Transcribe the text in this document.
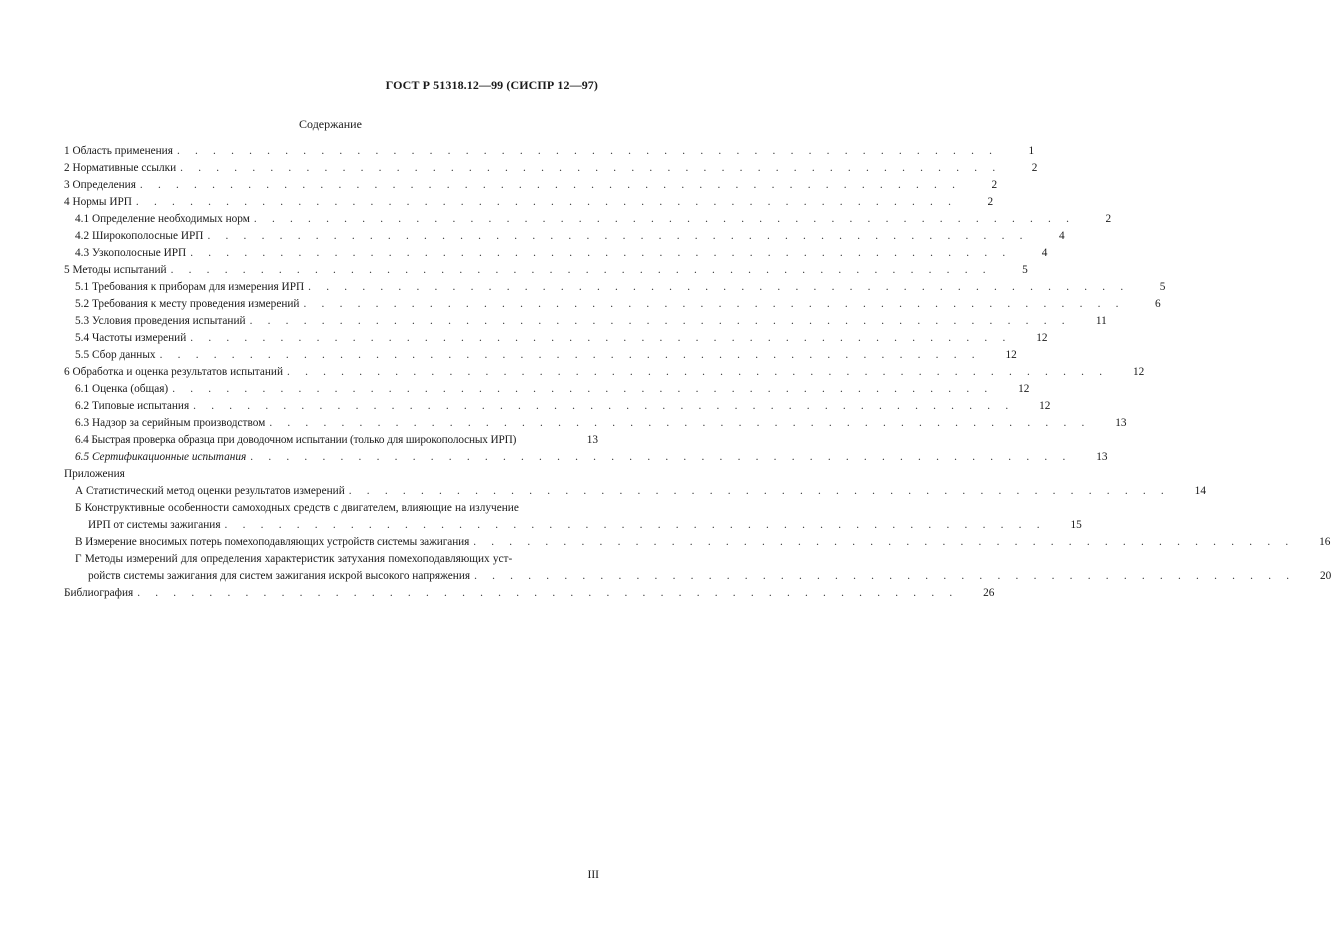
ГОСТ Р 51318.12—99 (СИСПР 12—97)
Содержание
1 Область применения . . . . . . . . . . . . . . . . . . . . . . . . . . . . . . . . . . . . . . . . . . . . . .	1
2 Нормативные ссылки . . . . . . . . . . . . . . . . . . . . . . . . . . . . . . . . . . . . . . . . . . . . . .	2
3 Определения . . . . . . . . . . . . . . . . . . . . . . . . . . . . . . . . . . . . . . . . . . . . . .	2
4 Нормы ИРП . . . . . . . . . . . . . . . . . . . . . . . . . . . . . . . . . . . . . . . . . . . . . .	2
4.1 Определение необходимых норм . . . . . . . . . . . . . . . . . . . . . . . . . . . . . . . . . . . . . . . . . . . . . .	2
4.2 Широкополосные ИРП . . . . . . . . . . . . . . . . . . . . . . . . . . . . . . . . . . . . . . . . . . . . . .	4
4.3 Узкополосные ИРП . . . . . . . . . . . . . . . . . . . . . . . . . . . . . . . . . . . . . . . . . . . . . .	4
5 Методы испытаний . . . . . . . . . . . . . . . . . . . . . . . . . . . . . . . . . . . . . . . . . . . . . .	5
5.1 Требования к приборам для измерения ИРП . . . . . . . . . . . . . . . . . . . . . . . . . . . . . . . . . . . . . . . . . . . . . .	5
5.2 Требования к месту проведения измерений . . . . . . . . . . . . . . . . . . . . . . . . . . . . . . . . . . . . . . . . . . . . . .	6
5.3 Условия проведения испытаний . . . . . . . . . . . . . . . . . . . . . . . . . . . . . . . . . . . . . . . . . . . . . .	11
5.4 Частоты измерений . . . . . . . . . . . . . . . . . . . . . . . . . . . . . . . . . . . . . . . . . . . . . .	12
5.5 Сбор данных . . . . . . . . . . . . . . . . . . . . . . . . . . . . . . . . . . . . . . . . . . . . . .	12
6 Обработка и оценка результатов испытаний . . . . . . . . . . . . . . . . . . . . . . . . . . . . . . . . . . . . . . . . . . . . . .	12
6.1 Оценка (общая) . . . . . . . . . . . . . . . . . . . . . . . . . . . . . . . . . . . . . . . . . . . . . .	12
6.2 Типовые испытания . . . . . . . . . . . . . . . . . . . . . . . . . . . . . . . . . . . . . . . . . . . . . .	12
6.3 Надзор за серийным производством . . . . . . . . . . . . . . . . . . . . . . . . . . . . . . . . . . . . . . . . . . . . . .	13
6.4 Быстрая проверка образца при доводочном испытании (только для широкополосных ИРП)	13
6.5 Сертификационные испытания . . . . . . . . . . . . . . . . . . . . . . . . . . . . . . . . . . . . . . . . . . . . . .	13
Приложения
А Статистический метод оценки результатов измерений . . . . . . . . . . . . . . . . . . . . . . . . . . . . . . . . . . . . . . . . . . . . . .	14
Б Конструктивные особенности самоходных средств с двигателем, влияющие на излучение
ИРП от системы зажигания . . . . . . . . . . . . . . . . . . . . . . . . . . . . . . . . . . . . . . . . . . . . . .	15
В Измерение вносимых потерь помехоподавляющих устройств системы зажигания . . . . . . . . . . . . . . . . . . . . . . . . . . . . . . . . . . . . . . . . . . . . . .	16
Г Методы измерений для определения характеристик затухания помехоподавляющих уст-
ройств системы зажигания для систем зажигания искрой высокого напряжения . . . . . . . . . . . . . . . . . . . . . . . . . . . . . . . . . . . . . . . . . . . . . .	20
Библиография . . . . . . . . . . . . . . . . . . . . . . . . . . . . . . . . . . . . . . . . . . . . . .	26
III
